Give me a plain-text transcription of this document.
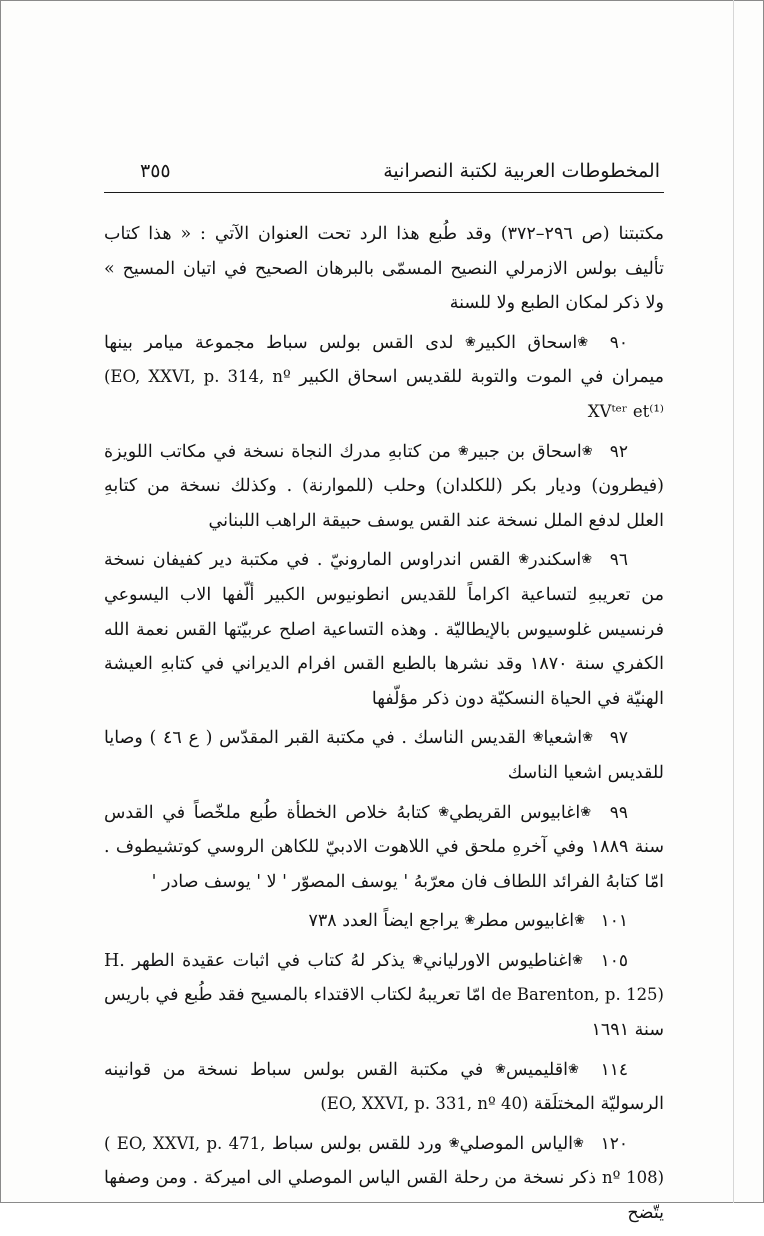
٣٥٥	المخطوطات العربية لكتبة النصرانية

مكتبتنا (ص ٢٩٦–٣٧٢) وقد طُبع هذا الرد تحت العنوان الآتي : « هذا كتاب تأليف بولس الازمرلي النصيح المسمّى بالبرهان الصحيح في اتيان المسيح » ولا ذكر لمكان الطبع ولا للسنة

٩٠ ❀اسحاق الكبير❀ لدى القس بولس سباط مجموعة ميامر بينها ميمران في الموت والتوبة للقديس اسحاق الكبير (EO, XXVI, p. 314, nº XVᵗᵉʳ et⁽¹⁾

٩٢ ❀اسحاق بن جبير❀ من كتابهِ مدرك النجاة نسخة في مكاتب اللويزة (فيطرون) وديار بكر (للكلدان) وحلب (للموارنة) . وكذلك نسخة من كتابهِ العلل لدفع الملل نسخة عند القس يوسف حبيقة الراهب اللبناني

٩٦ ❀اسكندر❀ القس اندراوس المارونيّ . في مكتبة دير كفيفان نسخة من تعريبهِ لتساعية اكراماً للقديس انطونيوس الكبير ألّفها الاب اليسوعي فرنسيس غلوسيوس بالإيطاليّة . وهذه التساعية اصلح عربيّتها القس نعمة الله الكفري سنة ١٨٧٠ وقد نشرها بالطبع القس افرام الديراني في كتابهِ العيشة الهنيّة في الحياة النسكيّة دون ذكر مؤلّفها

٩٧ ❀اشعيا❀ القديس الناسك . في مكتبة القبر المقدّس ( ع ٤٦ ) وصايا للقديس اشعيا الناسك

٩٩ ❀اغابيوس القريطي❀ كتابهُ خلاص الخطأة طُبع ملخّصاً في القدس سنة ١٨٨٩ وفي آخرهِ ملحق في اللاهوت الادبيّ للكاهن الروسي كوتشيطوف . امّا كتابهُ الفرائد اللطاف فان معرّبهُ ' يوسف المصوّر ' لا ' يوسف صادر '

١٠١ ❀اغابيوس مطر❀ يراجع ايضاً العدد ٧٣٨

١٠٥ ❀اغناطيوس الاورلياني❀ يذكر لهُ كتاب في اثبات عقيدة الطهر .H de Barenton, p. 125) امّا تعريبهُ لكتاب الاقتداء بالمسيح فقد طُبع في باريس سنة ١٦٩١

١١٤ ❀اقليميس❀ في مكتبة القس بولس سباط نسخة من قوانينه الرسوليّة المختلَقة (EO, XXVI, p. 331, nº 40)

١٢٠ ❀الياس الموصلي❀ ورد للقس بولس سباط ( EO, XXVI, p. 471, nº 108) ذكر نسخة من رحلة القس الياس الموصلي الى اميركة . ومن وصفها يتّضح
